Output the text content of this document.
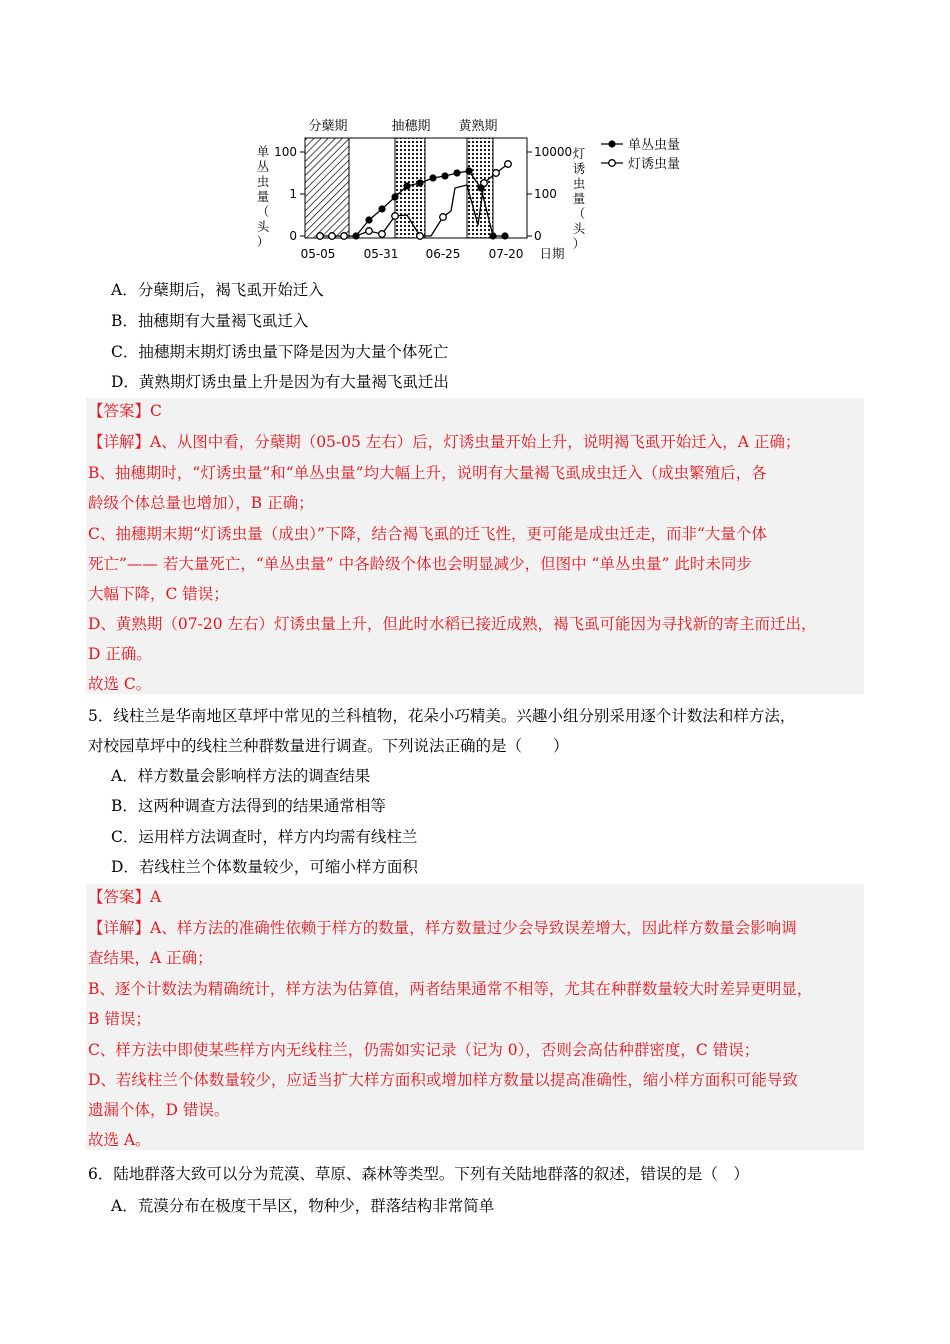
分蘖期	抽穗期 黄熟期
100
1
0
10000
100
0
单
丛
虫
量
（
头
）
灯
诱
虫
量
（
头
）
05-05 05-31 06-25 07-20 日期
单丛虫量
灯诱虫量
A．分蘖期后，褐飞虱开始迁入
B．抽穗期有大量褐飞虱迁入
C．抽穗期末期灯诱虫量下降是因为大量个体死亡
D．黄熟期灯诱虫量上升是因为有大量褐飞虱迁出
【答案】C
【详解】A、从图中看，分蘖期（05-05 左右）后，灯诱虫量开始上升，说明褐飞虱开始迁入，A 正确；
B、抽穗期时，“灯诱虫量”和“单丛虫量”均大幅上升，说明有大量褐飞虱成虫迁入（成虫繁殖后，各
龄级个体总量也增加），B 正确；
C、抽穗期末期“灯诱虫量（成虫）”下降，结合褐飞虱的迁飞性，更可能是成虫迁走，而非“大量个体
死亡”—— 若大量死亡，“单丛虫量” 中各龄级个体也会明显减少，但图中 “单丛虫量” 此时未同步
大幅下降，C 错误；
D、黄熟期（07-20 左右）灯诱虫量上升，但此时水稻已接近成熟，褐飞虱可能因为寻找新的寄主而迁出，
D 正确。
故选 C。
5．线柱兰是华南地区草坪中常见的兰科植物，花朵小巧精美。兴趣小组分别采用逐个计数法和样方法，
对校园草坪中的线柱兰种群数量进行调查。下列说法正确的是（　　）
A．样方数量会影响样方法的调查结果
B．这两种调查方法得到的结果通常相等
C．运用样方法调查时，样方内均需有线柱兰
D．若线柱兰个体数量较少，可缩小样方面积
【答案】A
【详解】A、样方法的准确性依赖于样方的数量，样方数量过少会导致误差增大，因此样方数量会影响调
查结果，A 正确；
B、逐个计数法为精确统计，样方法为估算值，两者结果通常不相等，尤其在种群数量较大时差异更明显，
B 错误；
C、样方法中即使某些样方内无线柱兰，仍需如实记录（记为 0），否则会高估种群密度，C 错误；
D、若线柱兰个体数量较少，应适当扩大样方面积或增加样方数量以提高准确性，缩小样方面积可能导致
遗漏个体，D 错误。
故选 A。
6．陆地群落大致可以分为荒漠、草原、森林等类型。下列有关陆地群落的叙述，错误的是（　）
A．荒漠分布在极度干旱区，物种少，群落结构非常简单
